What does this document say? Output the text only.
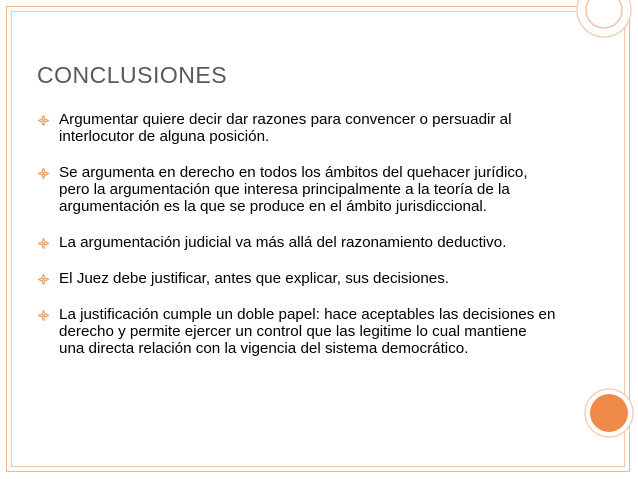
CONCLUSIONES
Argumentar quiere decir dar razones para convencer o persuadir al interlocutor de alguna posición.
Se argumenta en derecho en todos los ámbitos del quehacer jurídico, pero la argumentación que interesa principalmente a la teoría de la argumentación es la que se produce en el ámbito jurisdiccional.
La argumentación judicial va más allá del razonamiento deductivo.
El Juez debe justificar, antes que explicar, sus decisiones.
La justificación cumple un doble papel: hace aceptables las decisiones en derecho y permite ejercer un control que las legitime lo cual mantiene una directa relación con la vigencia del sistema democrático.
